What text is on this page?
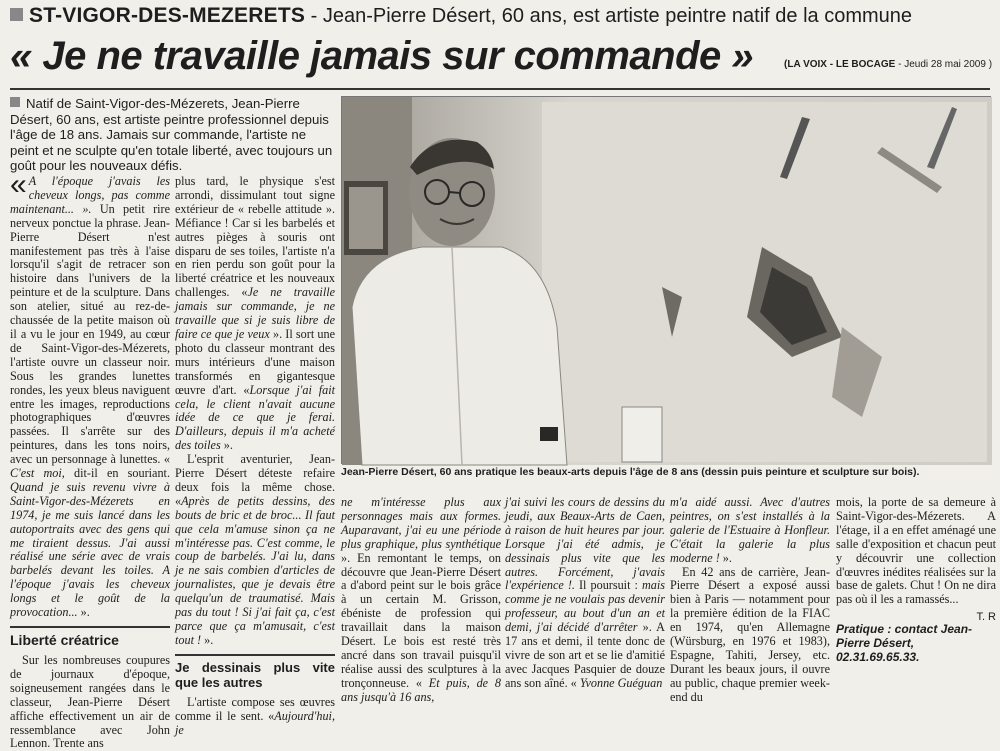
ST-VIGOR-DES-MEZERETS - Jean-Pierre Désert, 60 ans, est artiste peintre natif de la commune
« Je ne travaille jamais sur commande »	(LA VOIX - LE BOCAGE - Jeudi 28 mai 2009 )
Natif de Saint-Vigor-des-Mézerets, Jean-Pierre Désert, 60 ans, est artiste peintre professionnel depuis l'âge de 18 ans. Jamais sur commande, l'artiste ne peint et ne sculpte qu'en totale liberté, avec toujours un goût pour les nouveaux défis.
Jean-Pierre Désert, 60 ans pratique les beaux-arts depuis l'âge de 8 ans (dessin puis peinture et sculpture sur bois).

« A l'époque j'avais les cheveux longs, pas comme maintenant... ». Un petit rire nerveux ponctue la phrase. Jean-Pierre Désert n'est manifestement pas très à l'aise lorsqu'il s'agit de retracer son histoire dans l'univers de la peinture et de la sculpture. Dans son atelier, situé au rez-de-chaussée de la petite maison où il a vu le jour en 1949, au cœur de Saint-Vigor-des-Mézerets, l'artiste ouvre un classeur noir. Sous les grandes lunettes rondes, les yeux bleus naviguent entre les images, reproductions photographiques d'œuvres passées. Il s'arrête sur des peintures, dans les tons noirs, avec un personnage à lunettes. « C'est moi, dit-il en souriant. Quand je suis revenu vivre à Saint-Vigor-des-Mézerets en 1974, je me suis lancé dans les autoportraits avec des gens qui me tiraient dessus. J'ai aussi réalisé une série avec de vrais barbelés devant les toiles. A l'époque j'avais les cheveux longs et le goût de la provocation... ».

Liberté créatrice

Sur les nombreuses coupures de journaux d'époque, soigneusement rangées dans le classeur, Jean-Pierre Désert affiche effectivement un air de ressemblance avec John Lennon. Trente ans

plus tard, le physique s'est arrondi, dissimulant tout signe extérieur de « rebelle attitude ». Méfiance ! Car si les barbelés et autres pièges à souris ont disparu de ses toiles, l'artiste n'a en rien perdu son goût pour la liberté créatrice et les nouveaux challenges. «Je ne travaille jamais sur commande, je ne travaille que si je suis libre de faire ce que je veux ». Il sort une photo du classeur montrant des murs intérieurs d'une maison transformés en gigantesque œuvre d'art. «Lorsque j'ai fait cela, le client n'avait aucune idée de ce que je ferai. D'ailleurs, depuis il m'a acheté des toiles ».

L'esprit aventurier, Jean-Pierre Désert déteste refaire deux fois la même chose. «Après de petits dessins, des bouts de bric et de broc... Il faut que cela m'amuse sinon ça ne m'intéresse pas. C'est comme, le coup de barbelés. J'ai lu, dans je ne sais combien d'articles de journalistes, que je devais être quelqu'un de traumatisé. Mais pas du tout ! Si j'ai fait ça, c'est parce que ça m'amusait, c'est tout ! ».

Je dessinais plus vite que les autres

L'artiste compose ses œuvres comme il le sent. «Aujourd'hui, je

ne m'intéresse plus aux personnages mais aux formes. Auparavant, j'ai eu une période plus graphique, plus synthétique ». En remontant le temps, on découvre que Jean-Pierre Désert a d'abord peint sur le bois grâce à un certain M. Grisson, ébéniste de profession qui travaillait dans la maison Désert. Le bois est resté très ancré dans son travail puisqu'il réalise aussi des sculptures à la tronçonneuse. « Et puis, de 8 ans jusqu'à 16 ans,

j'ai suivi les cours de dessins du jeudi, aux Beaux-Arts de Caen, à raison de huit heures par jour. Lorsque j'ai été admis, je dessinais plus vite que les autres. Forcément, j'avais l'expérience !. Il poursuit : mais comme je ne voulais pas devenir professeur, au bout d'un an et demi, j'ai décidé d'arrêter ». A 17 ans et demi, il tente donc de vivre de son art et se lie d'amitié avec Jacques Pasquier de douze ans son aîné. « Yvonne Guéguan

m'a aidé aussi. Avec d'autres peintres, on s'est installés à la galerie de l'Estuaire à Honfleur. C'était la galerie la plus moderne ! ».

En 42 ans de carrière, Jean-Pierre Désert a exposé aussi bien à Paris — notamment pour la première édition de la FIAC en 1974, qu'en Allemagne (Würsburg, en 1976 et 1983), Espagne, Tahiti, Jersey, etc. Durant les beaux jours, il ouvre au public, chaque premier week-end du

mois, la porte de sa demeure à Saint-Vigor-des-Mézerets. A l'étage, il a en effet aménagé une salle d'exposition et chacun peut y découvrir une collection d'œuvres inédites réalisées sur la base de galets. Chut ! On ne dira pas où il les a ramassés...

T. R
Pratique : contact Jean-Pierre Désert, 02.31.69.65.33.
